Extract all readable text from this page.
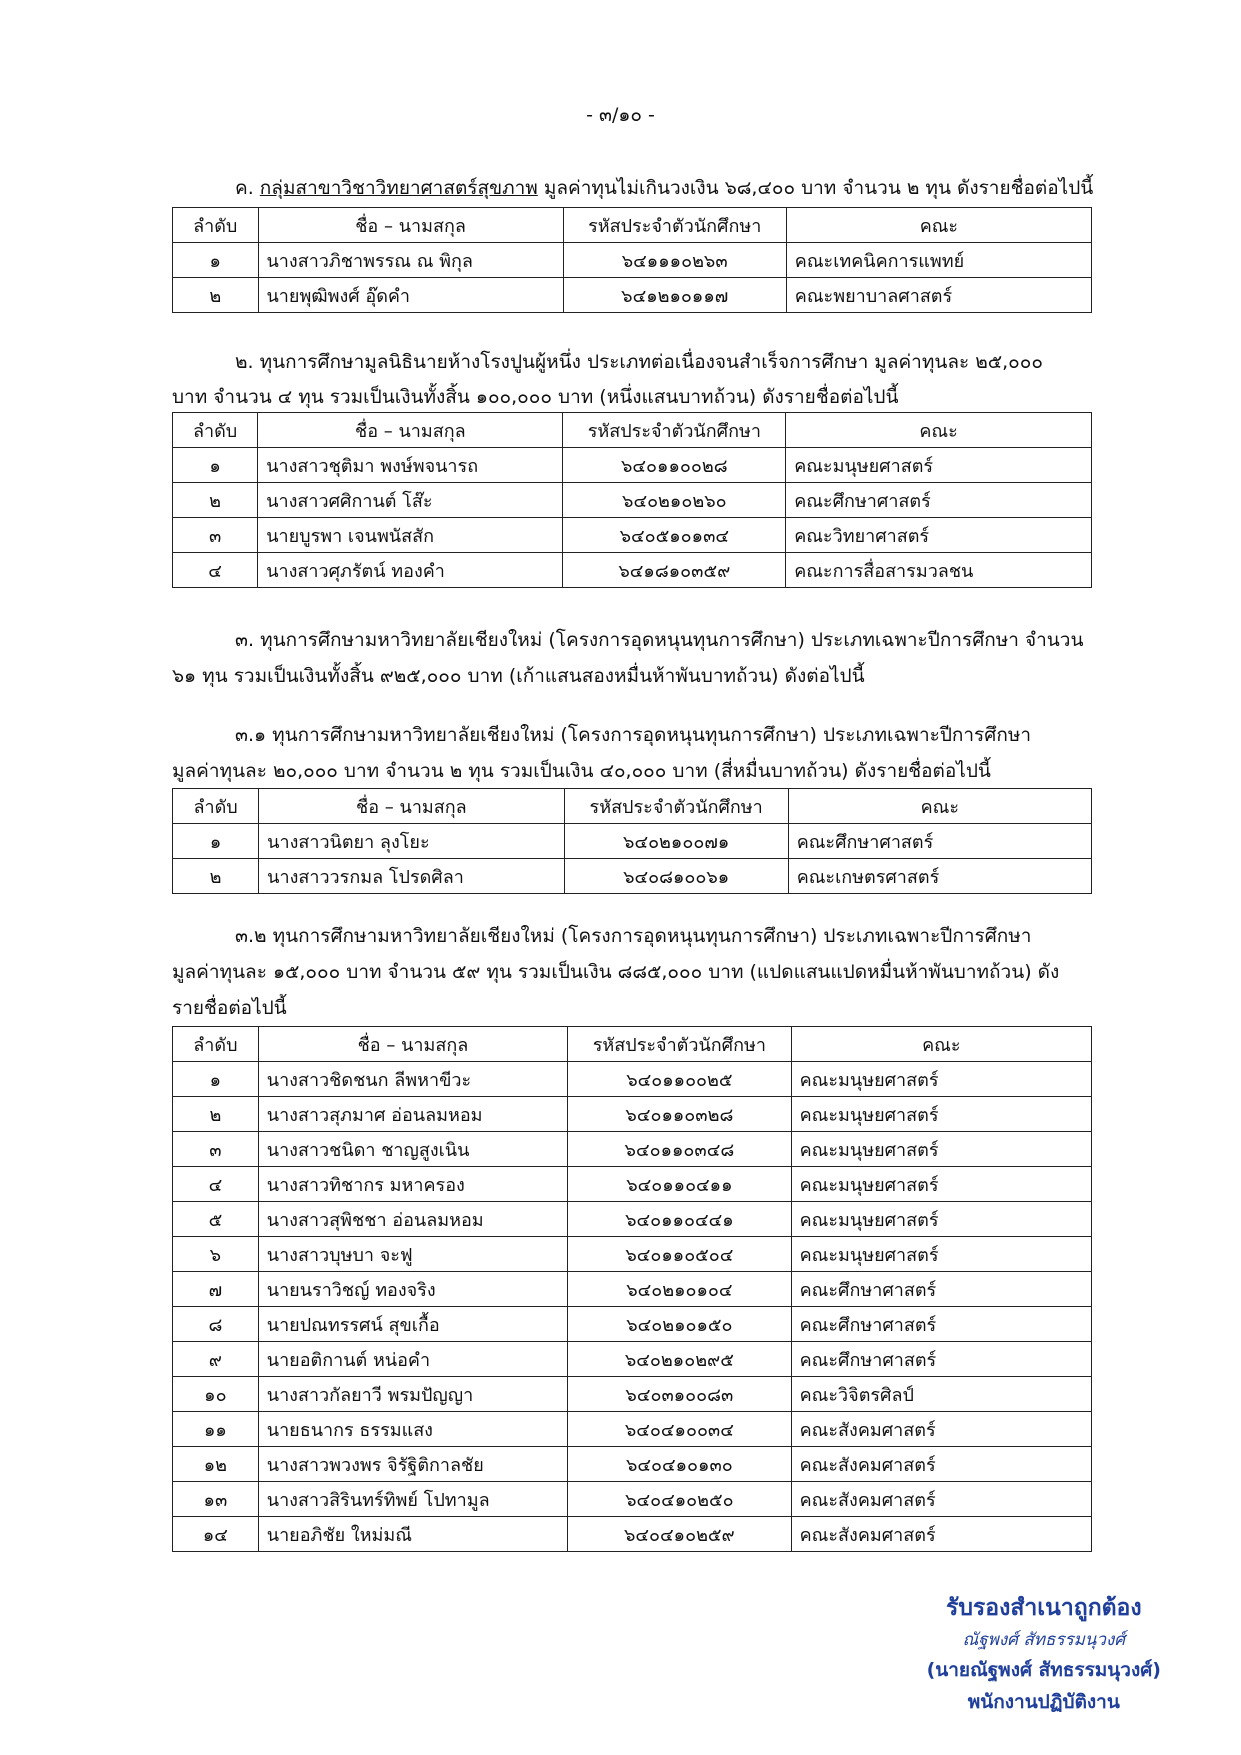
- ๓/๑๐ -
ค. กลุ่มสาขาวิชาวิทยาศาสตร์สุขภาพ มูลค่าทุนไม่เกินวงเงิน ๖๘,๔๐๐ บาท จำนวน ๒ ทุน ดังรายชื่อต่อไปนี้
ลำดับ	ชื่อ – นามสกุล	รหัสประจำตัวนักศึกษา	คณะ
๑	นางสาวภิชาพรรณ ณ พิกุล	๖๔๑๑๑๐๒๖๓	คณะเทคนิคการแพทย์
๒	นายพุฒิพงศ์ อุ๊ดคำ	๖๔๑๒๑๐๑๑๗	คณะพยาบาลศาสตร์
๒. ทุนการศึกษามูลนิธินายห้างโรงปูนผู้หนึ่ง ประเภทต่อเนื่องจนสำเร็จการศึกษา มูลค่าทุนละ ๒๕,๐๐๐
บาท จำนวน ๔ ทุน รวมเป็นเงินทั้งสิ้น ๑๐๐,๐๐๐ บาท (หนึ่งแสนบาทถ้วน) ดังรายชื่อต่อไปนี้
ลำดับ	ชื่อ – นามสกุล	รหัสประจำตัวนักศึกษา	คณะ
๑	นางสาวชุติมา พงษ์พจนารถ	๖๔๐๑๑๐๐๒๘	คณะมนุษยศาสตร์
๒	นางสาวศศิกานต์ โส๊ะ	๖๔๐๒๑๐๒๖๐	คณะศึกษาศาสตร์
๓	นายบูรพา เจนพนัสสัก	๖๔๐๕๑๐๑๓๔	คณะวิทยาศาสตร์
๔	นางสาวศุภรัตน์ ทองคำ	๖๔๑๘๑๐๓๕๙	คณะการสื่อสารมวลชน
๓. ทุนการศึกษามหาวิทยาลัยเชียงใหม่ (โครงการอุดหนุนทุนการศึกษา) ประเภทเฉพาะปีการศึกษา จำนวน
๖๑ ทุน รวมเป็นเงินทั้งสิ้น ๙๒๕,๐๐๐ บาท (เก้าแสนสองหมื่นห้าพันบาทถ้วน) ดังต่อไปนี้
๓.๑ ทุนการศึกษามหาวิทยาลัยเชียงใหม่ (โครงการอุดหนุนทุนการศึกษา) ประเภทเฉพาะปีการศึกษา
มูลค่าทุนละ ๒๐,๐๐๐ บาท จำนวน ๒ ทุน รวมเป็นเงิน ๔๐,๐๐๐ บาท (สี่หมื่นบาทถ้วน) ดังรายชื่อต่อไปนี้
ลำดับ	ชื่อ – นามสกุล	รหัสประจำตัวนักศึกษา	คณะ
๑	นางสาวนิตยา ลุงโยะ	๖๔๐๒๑๐๐๗๑	คณะศึกษาศาสตร์
๒	นางสาววรกมล โปรดศิลา	๖๔๐๘๑๐๐๖๑	คณะเกษตรศาสตร์
๓.๒ ทุนการศึกษามหาวิทยาลัยเชียงใหม่ (โครงการอุดหนุนทุนการศึกษา) ประเภทเฉพาะปีการศึกษา
มูลค่าทุนละ ๑๕,๐๐๐ บาท จำนวน ๕๙ ทุน รวมเป็นเงิน ๘๘๕,๐๐๐ บาท (แปดแสนแปดหมื่นห้าพันบาทถ้วน) ดัง
รายชื่อต่อไปนี้
ลำดับ	ชื่อ – นามสกุล	รหัสประจำตัวนักศึกษา	คณะ
๑	นางสาวชิดชนก ลีพหาขีวะ	๖๔๐๑๑๐๐๒๕	คณะมนุษยศาสตร์
๒	นางสาวสุภมาศ อ่อนลมหอม	๖๔๐๑๑๐๓๒๘	คณะมนุษยศาสตร์
๓	นางสาวชนิดา ชาญสูงเนิน	๖๔๐๑๑๐๓๔๘	คณะมนุษยศาสตร์
๔	นางสาวทิชากร มหาครอง	๖๔๐๑๑๐๔๑๑	คณะมนุษยศาสตร์
๕	นางสาวสุพิชชา อ่อนลมหอม	๖๔๐๑๑๐๔๔๑	คณะมนุษยศาสตร์
๖	นางสาวบุษบา จะฟู	๖๔๐๑๑๐๕๐๔	คณะมนุษยศาสตร์
๗	นายนราวิชญ์ ทองจริง	๖๔๐๒๑๐๑๐๔	คณะศึกษาศาสตร์
๘	นายปณทรรศน์ สุขเกื้อ	๖๔๐๒๑๐๑๕๐	คณะศึกษาศาสตร์
๙	นายอติกานต์ หน่อคำ	๖๔๐๒๑๐๒๙๕	คณะศึกษาศาสตร์
๑๐	นางสาวกัลยาวี พรมปัญญา	๖๔๐๓๑๐๐๘๓	คณะวิจิตรศิลป์
๑๑	นายธนากร ธรรมแสง	๖๔๐๔๑๐๐๓๔	คณะสังคมศาสตร์
๑๒	นางสาวพวงพร จิรัฐิติกาลชัย	๖๔๐๔๑๐๑๓๐	คณะสังคมศาสตร์
๑๓	นางสาวสิรินทร์ทิพย์ โปทามูล	๖๔๐๔๑๐๒๕๐	คณะสังคมศาสตร์
๑๔	นายอภิชัย ใหม่มณี	๖๔๐๔๑๐๒๕๙	คณะสังคมศาสตร์
รับรองสำเนาถูกต้อง
ณัฐพงศ์ สัทธรรมนุวงศ์
(นายณัฐพงศ์ สัทธรรมนุวงศ์)
พนักงานปฏิบัติงาน
